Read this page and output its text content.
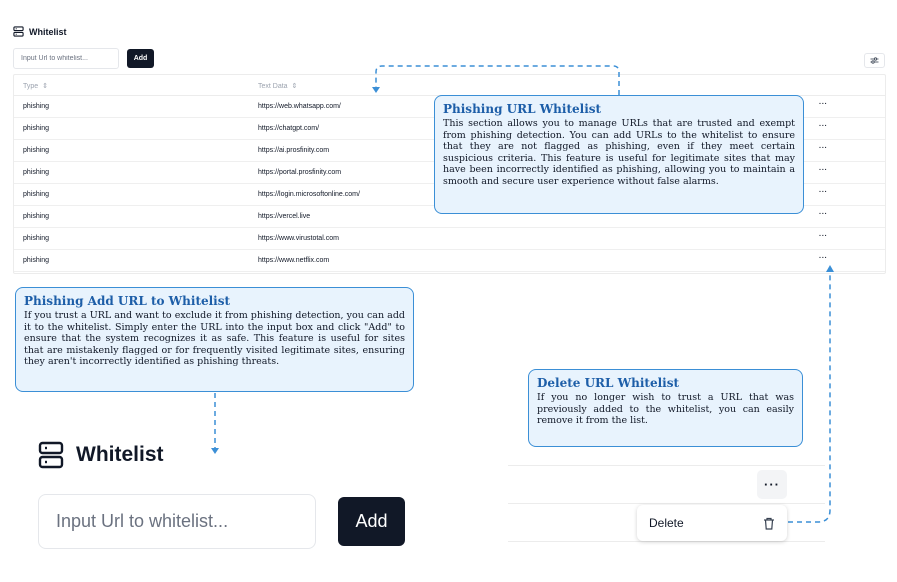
Whitelist
Input Url to whitelist...
Add
Type  ⇕	Text Data  ⇕
phishing	https://web.whatsapp.com/	···
phishing	https://chatgpt.com/	···
phishing	https://ai.prosfinity.com	···
phishing	https://portal.prosfinity.com	···
phishing	https://login.microsoftonline.com/	···
phishing	https://vercel.live	···
phishing	https://www.virustotal.com	···
phishing	https://www.netflix.com	···
Phishing URL Whitelist
This section allows you to manage URLs that are trusted and exempt from phishing detection. You can add URLs to the whitelist to ensure that they are not flagged as phishing, even if they meet certain suspicious criteria. This feature is useful for legitimate sites that may have been incorrectly identified as phishing, allowing you to maintain a smooth and secure user experience without false alarms.
Phishing Add URL to Whitelist
If you trust a URL and want to exclude it from phishing detection, you can add it to the whitelist. Simply enter the URL into the input box and click "Add" to ensure that the system recognizes it as safe. This feature is useful for sites that are mistakenly flagged or for frequently visited legitimate sites, ensuring they aren't incorrectly identified as phishing threats.
Delete URL Whitelist
If you no longer wish to trust a URL that was previously added to the whitelist, you can easily remove it from the list.
Whitelist
Input Url to whitelist...
Add
···
Delete
